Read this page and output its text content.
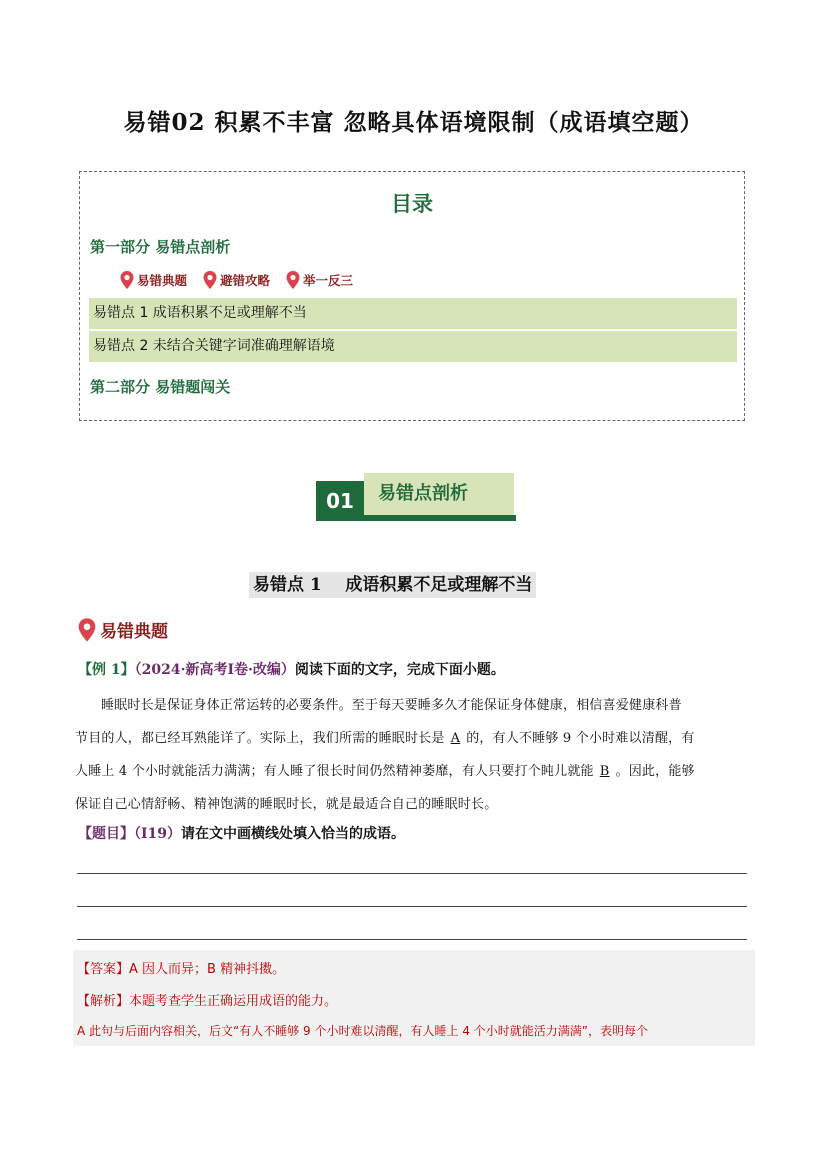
易错02 积累不丰富 忽略具体语境限制（成语填空题）
目录
第一部分 易错点剖析
易错典题	避错攻略	举一反三
易错点 1 成语积累不足或理解不当
易错点 2 未结合关键字词准确理解语境
第二部分 易错题闯关
易错点剖析
01
易错点 1    成语积累不足或理解不当
易错典题
【例 1】（2024·新高考Ⅰ卷·改编）阅读下面的文字，完成下面小题。
睡眠时长是保证身体正常运转的必要条件。至于每天要睡多久才能保证身体健康，相信喜爱健康科普
节目的人，都已经耳熟能详了。实际上，我们所需的睡眠时长是 A 的，有人不睡够 9 个小时难以清醒，有
人睡上 4 个小时就能活力满满；有人睡了很长时间仍然精神萎靡，有人只要打个盹儿就能 B 。因此，能够
保证自己心情舒畅、精神饱满的睡眠时长，就是最适合自己的睡眠时长。
【题目】（Ⅰ19）请在文中画横线处填入恰当的成语。
【答案】A 因人而异；B 精神抖擞。
【解析】本题考查学生正确运用成语的能力。
A 此句与后面内容相关，后文“有人不睡够 9 个小时难以清醒，有人睡上 4 个小时就能活力满满”，表明每个
